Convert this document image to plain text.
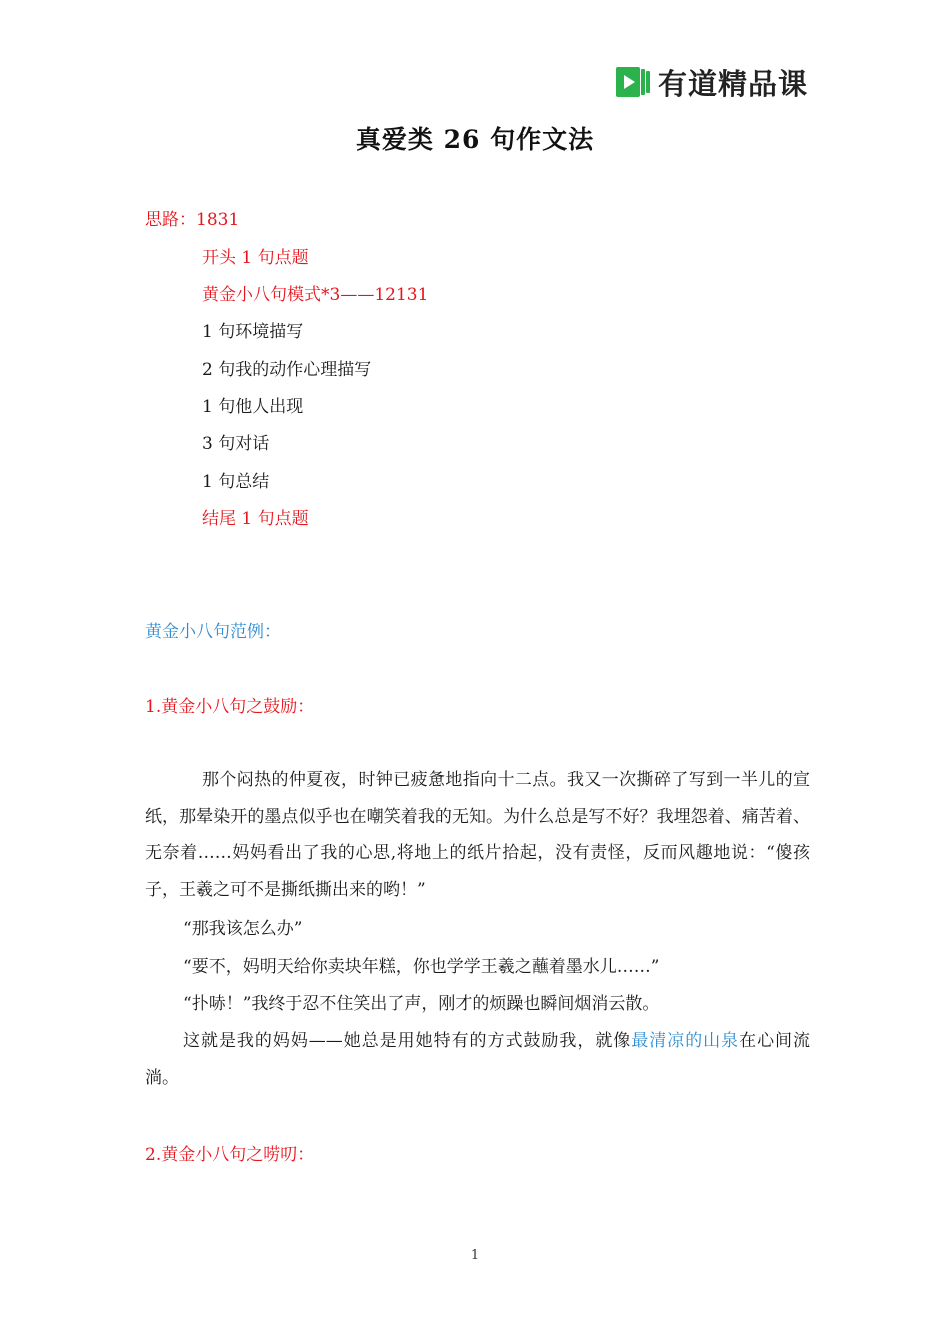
有道精品课
真爱类 26 句作文法

思路：1831

开头 1 句点题

黄金小八句模式*3——12131

1 句环境描写

2 句我的动作心理描写

1 句他人出现

3 句对话

1 句总结

结尾 1 句点题

黄金小八句范例：

1.黄金小八句之鼓励：

那个闷热的仲夏夜，时钟已疲惫地指向十二点。我又一次撕碎了写到一半儿的宣纸，那晕染开的墨点似乎也在嘲笑着我的无知。为什么总是写不好？我埋怨着、痛苦着、无奈着……妈妈看出了我的心思,将地上的纸片拾起，没有责怪，反而风趣地说：“傻孩子，王羲之可不是撕纸撕出来的哟！”

“那我该怎么办”

“要不，妈明天给你卖块年糕，你也学学王羲之蘸着墨水儿……”

“扑哧！”我终于忍不住笑出了声，刚才的烦躁也瞬间烟消云散。

这就是我的妈妈——她总是用她特有的方式鼓励我，就像最清凉的山泉在心间流淌。

2.黄金小八句之唠叨：

1
